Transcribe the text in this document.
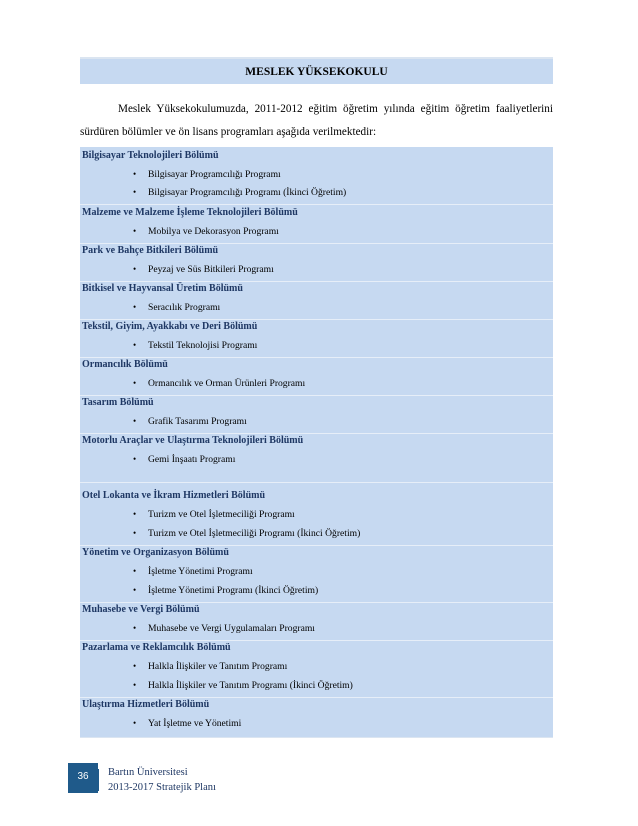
MESLEK YÜKSEKOKULU
Meslek Yüksekokulumuzda, 2011-2012 eğitim öğretim yılında eğitim öğretim faaliyetlerini sürdüren bölümler ve ön lisans programları aşağıda verilmektedir:
Bilgisayar Teknolojileri Bölümü
• Bilgisayar Programcılığı Programı
• Bilgisayar Programcılığı Programı (İkinci Öğretim)
Malzeme ve Malzeme İşleme Teknolojileri Bölümü
• Mobilya ve Dekorasyon Programı
Park ve Bahçe Bitkileri Bölümü
• Peyzaj ve Süs Bitkileri Programı
Bitkisel ve Hayvansal Üretim Bölümü
• Seracılık Programı
Tekstil, Giyim, Ayakkabı ve Deri Bölümü
• Tekstil Teknolojisi Programı
Ormancılık Bölümü
• Ormancılık ve Orman Ürünleri Programı
Tasarım Bölümü
• Grafik Tasarımı Programı
Motorlu Araçlar ve Ulaştırma Teknolojileri Bölümü
• Gemi İnşaatı Programı
Otel Lokanta ve İkram Hizmetleri Bölümü
• Turizm ve Otel İşletmeciliği Programı
• Turizm ve Otel İşletmeciliği Programı (İkinci Öğretim)
Yönetim ve Organizasyon Bölümü
• İşletme Yönetimi Programı
• İşletme Yönetimi Programı (İkinci Öğretim)
Muhasebe ve Vergi Bölümü
• Muhasebe ve Vergi Uygulamaları Programı
Pazarlama ve Reklamcılık Bölümü
• Halkla İlişkiler ve Tanıtım Programı
• Halkla İlişkiler ve Tanıtım Programı (İkinci Öğretim)
Ulaştırma Hizmetleri Bölümü
• Yat İşletme ve Yönetimi
36	Bartın Üniversitesi
2013-2017 Stratejik Planı
